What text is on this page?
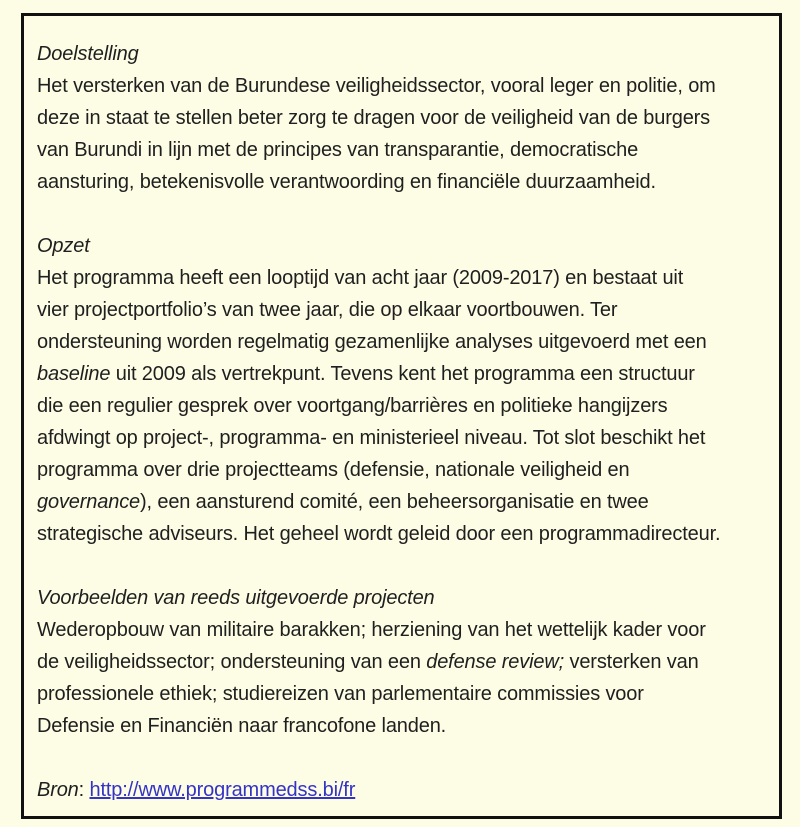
Doelstelling
Het versterken van de Burundese veiligheidssector, vooral leger en politie, om
deze in staat te stellen beter zorg te dragen voor de veiligheid van de burgers
van Burundi in lijn met de principes van transparantie, democratische
aansturing, betekenisvolle verantwoording en financiële duurzaamheid.
Opzet
Het programma heeft een looptijd van acht jaar (2009-2017) en bestaat uit
vier projectportfolio’s van twee jaar, die op elkaar voortbouwen. Ter
ondersteuning worden regelmatig gezamenlijke analyses uitgevoerd met een
baseline uit 2009 als vertrekpunt. Tevens kent het programma een structuur
die een regulier gesprek over voortgang/barrières en politieke hangijzers
afdwingt op project-, programma- en ministerieel niveau. Tot slot beschikt het
programma over drie projectteams (defensie, nationale veiligheid en
governance), een aansturend comité, een beheersorganisatie en twee
strategische adviseurs. Het geheel wordt geleid door een programmadirecteur.
Voorbeelden van reeds uitgevoerde projecten
Wederopbouw van militaire barakken; herziening van het wettelijk kader voor
de veiligheidssector; ondersteuning van een defense review; versterken van
professionele ethiek; studiereizen van parlementaire commissies voor
Defensie en Financiën naar francofone landen.
Bron: http://www.programmedss.bi/fr
